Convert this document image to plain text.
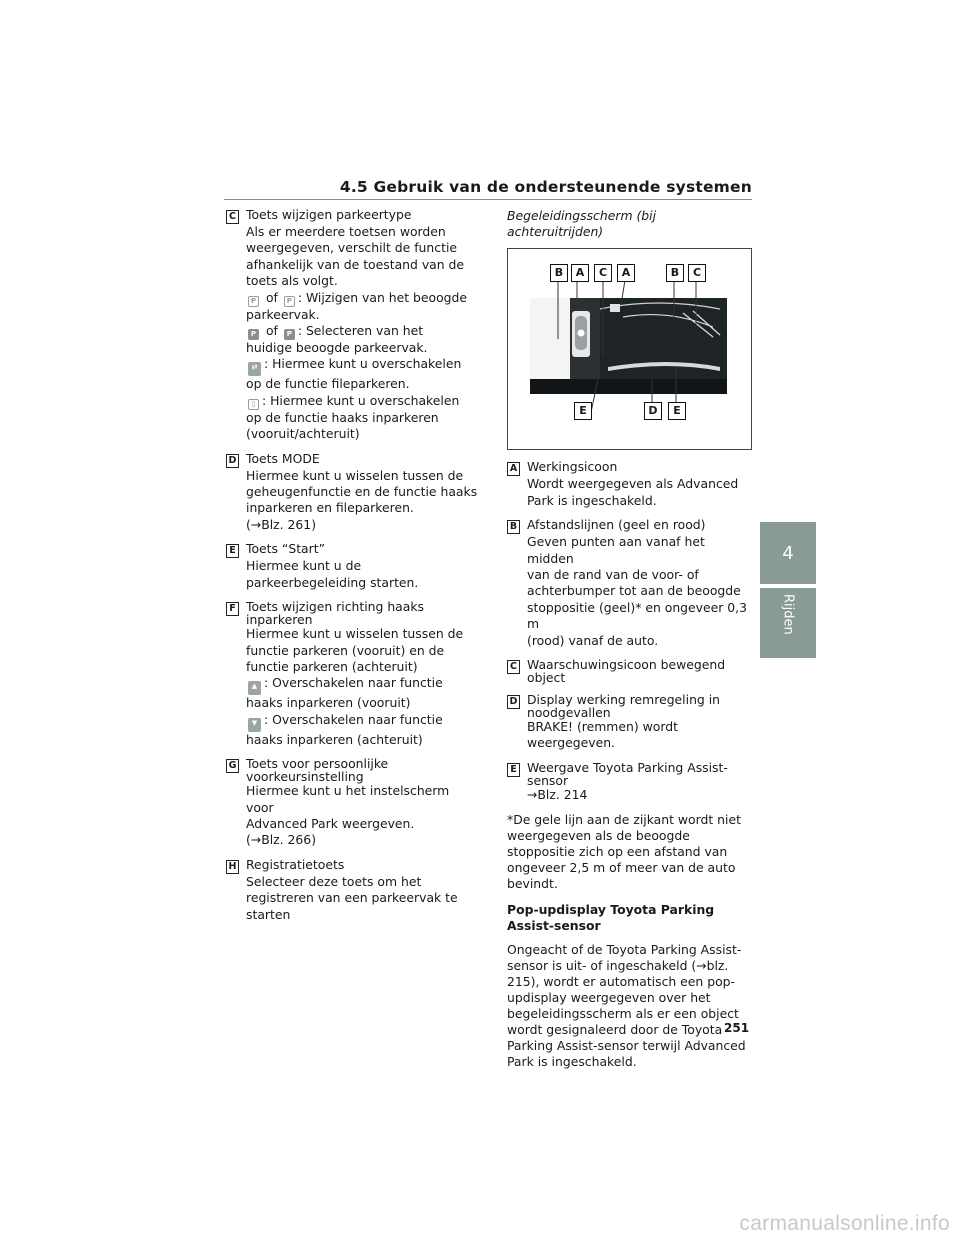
4.5 Gebruik van de ondersteunende systemen
4
Rijden
C Toets wijzigen parkeertype
Als er meerdere toetsen worden
weergegeven, verschilt de functie
afhankelijk van de toestand van de
toets als volgt.
P of P : Wijzigen van het beoogde
parkeervak.
P of P : Selecteren van het
huidige beoogde parkeervak.
⇄ : Hiermee kunt u overschakelen
op de functie fileparkeren.
▯ : Hiermee kunt u overschakelen
op de functie haaks inparkeren
(vooruit/achteruit)
D Toets MODE
Hiermee kunt u wisselen tussen de
geheugenfunctie en de functie haaks
inparkeren en fileparkeren.
(→Blz. 261)
E Toets “Start”
Hiermee kunt u de
parkeerbegeleiding starten.
F Toets wijzigen richting haaks inparkeren
Hiermee kunt u wisselen tussen de
functie parkeren (vooruit) en de
functie parkeren (achteruit)
▲ : Overschakelen naar functie
haaks inparkeren (vooruit)
▼ : Overschakelen naar functie
haaks inparkeren (achteruit)
G Toets voor persoonlijke voorkeursinstelling
Hiermee kunt u het instelscherm voor
Advanced Park weergeven.
(→Blz. 266)
H Registratietoets
Selecteer deze toets om het
registreren van een parkeervak te
starten
Begeleidingsscherm (bij achteruitrijden)
B	A	C	A	B	C
E	D	E
A Werkingsicoon
Wordt weergegeven als Advanced
Park is ingeschakeld.
B Afstandslijnen (geel en rood)
Geven punten aan vanaf het midden
van de rand van de voor- of
achterbumper tot aan de beoogde
stoppositie (geel)* en ongeveer 0,3 m
(rood) vanaf de auto.
C Waarschuwingsicoon bewegend object
D Display werking remregeling in noodgevallen
BRAKE! (remmen) wordt
weergegeven.
E Weergave Toyota Parking Assist-sensor
→Blz. 214
*De gele lijn aan de zijkant wordt niet weergegeven als de beoogde stoppositie zich op een afstand van ongeveer 2,5 m of meer van de auto bevindt.
Pop-updisplay Toyota Parking Assist-sensor
Ongeacht of de Toyota Parking Assist-sensor is uit- of ingeschakeld (→blz. 215), wordt er automatisch een pop-updisplay weergegeven over het begeleidingsscherm als er een object wordt gesignaleerd door de Toyota Parking Assist-sensor terwijl Advanced Park is ingeschakeld.
251
carmanualsonline.info
